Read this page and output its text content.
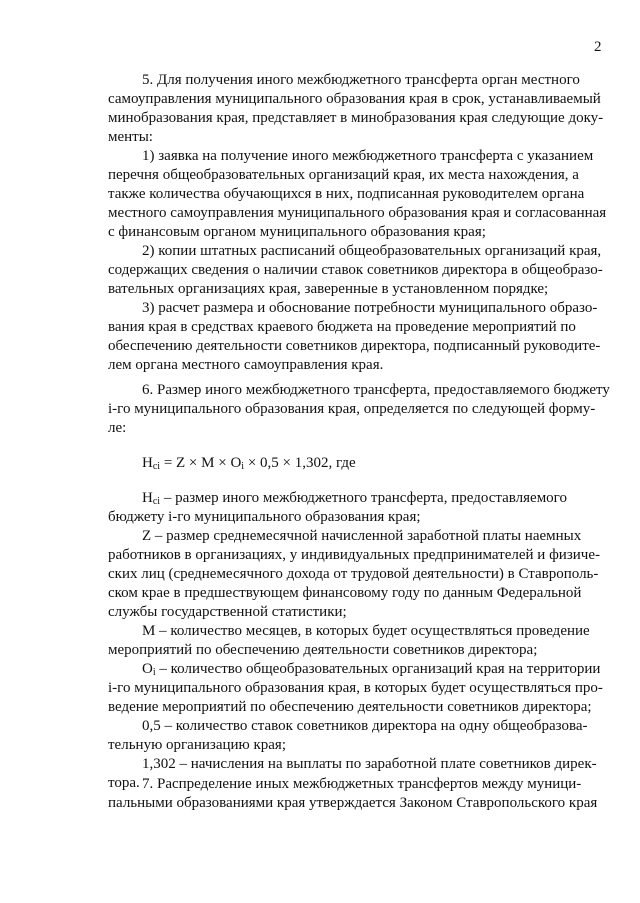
2
5. Для получения иного межбюджетного трансферта орган местного
самоуправления муниципального образования края в срок, устанавливаемый
минобразования края, представляет в минобразования края следующие доку-
менты:
1) заявка на получение иного межбюджетного трансферта с указанием
перечня общеобразовательных организаций края, их места нахождения, а
также количества обучающихся в них, подписанная руководителем органа
местного самоуправления муниципального образования края и согласованная
с финансовым органом муниципального образования края;
2) копии штатных расписаний общеобразовательных организаций края,
содержащих сведения о наличии ставок советников директора в общеобразо-
вательных организациях края, заверенные в установленном порядке;
3) расчет размера и обоснование потребности муниципального образо-
вания края в средствах краевого бюджета на проведение мероприятий по
обеспечению деятельности советников директора, подписанный руководите-
лем органа местного самоуправления края.
6. Размер иного межбюджетного трансферта, предоставляемого бюджету
i-го муниципального образования края, определяется по следующей форму-
ле:
$H_{ci} = Z \times M \times O_i \times 0,5 \times 1,302$, где
$H_{ci}$ – размер иного межбюджетного трансферта, предоставляемого
бюджету i-го муниципального образования края;
Z – размер среднемесячной начисленной заработной платы наемных
работников в организациях, у индивидуальных предпринимателей и физиче-
ских лиц (среднемесячного дохода от трудовой деятельности) в Ставрополь-
ском крае в предшествующем финансовому году по данным Федеральной
службы государственной статистики;
M – количество месяцев, в которых будет осуществляться проведение
мероприятий по обеспечению деятельности советников директора;
$O_i$ – количество общеобразовательных организаций края на территории
i-го муниципального образования края, в которых будет осуществляться про-
ведение мероприятий по обеспечению деятельности советников директора;
0,5 – количество ставок советников директора на одну общеобразова-
тельную организацию края;
1,302 – начисления на выплаты по заработной плате советников дирек-
тора. 7. Распределение иных межбюджетных трансфертов между муници-
пальными образованиями края утверждается Законом Ставропольского края
